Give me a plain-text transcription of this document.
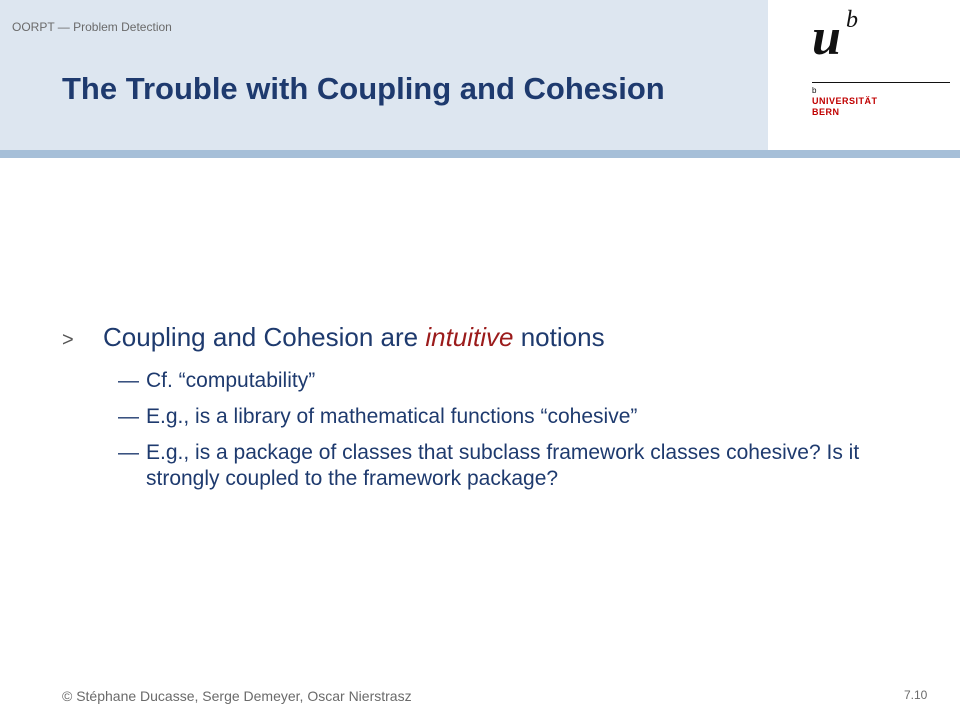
OORPT — Problem Detection
The Trouble with Coupling and Cohesion
u b
b
UNIVERSITÄT
BERN
> Coupling and Cohesion are intuitive notions
— Cf. “computability”
— E.g., is a library of mathematical functions “cohesive”
— E.g., is a package of classes that subclass framework classes cohesive? Is it strongly coupled to the framework package?
© Stéphane Ducasse, Serge Demeyer, Oscar Nierstrasz	7.10
